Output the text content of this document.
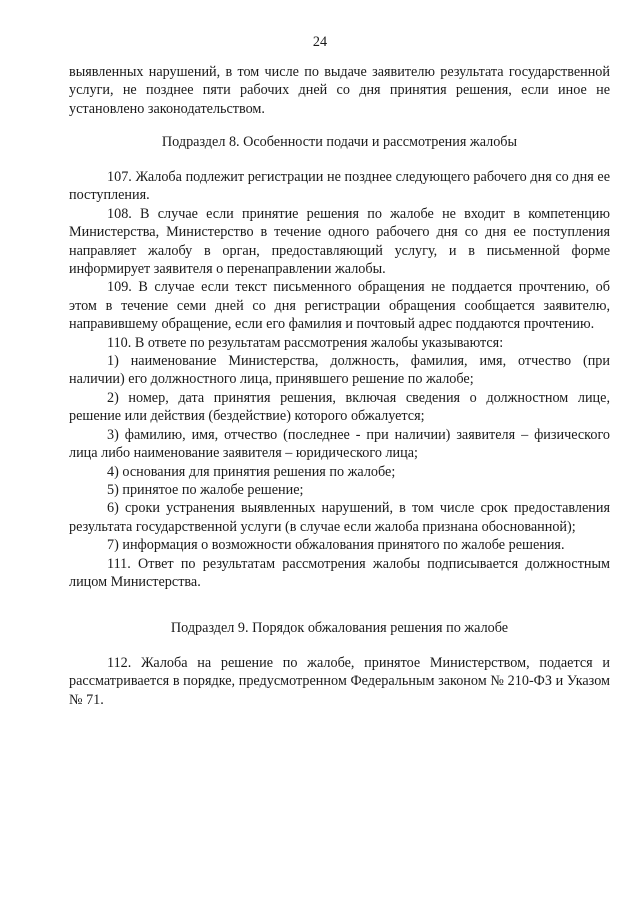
24

выявленных нарушений, в том числе по выдаче заявителю результата государственной услуги, не позднее пяти рабочих дней со дня принятия решения, если иное не установлено законодательством.

Подраздел 8. Особенности подачи и рассмотрения жалобы

107. Жалоба подлежит регистрации не позднее следующего рабочего дня со дня ее поступления.

108. В случае если принятие решения по жалобе не входит в компетенцию Министерства, Министерство в течение одного рабочего дня со дня ее поступления направляет жалобу в орган, предоставляющий услугу, и в письменной форме информирует заявителя о перенаправлении жалобы.

109. В случае если текст письменного обращения не поддается прочтению, об этом в течение семи дней со дня регистрации обращения сообщается заявителю, направившему обращение, если его фамилия и почтовый адрес поддаются прочтению.

110. В ответе по результатам рассмотрения жалобы указываются:

1) наименование Министерства, должность, фамилия, имя, отчество (при наличии) его должностного лица, принявшего решение по жалобе;

2) номер, дата принятия решения, включая сведения о должностном лице, решение или действия (бездействие) которого обжалуется;

3) фамилию, имя, отчество (последнее - при наличии) заявителя – физического лица либо наименование заявителя – юридического лица;

4) основания для принятия решения по жалобе;

5) принятое по жалобе решение;

6) сроки устранения выявленных нарушений, в том числе срок предоставления результата государственной услуги (в случае если жалоба признана обоснованной);

7) информация о возможности обжалования принятого по жалобе решения.

111. Ответ по результатам рассмотрения жалобы подписывается должностным лицом Министерства.

Подраздел 9. Порядок обжалования решения по жалобе

112. Жалоба на решение по жалобе, принятое Министерством, подается и рассматривается в порядке, предусмотренном Федеральным законом № 210-ФЗ и Указом № 71.
